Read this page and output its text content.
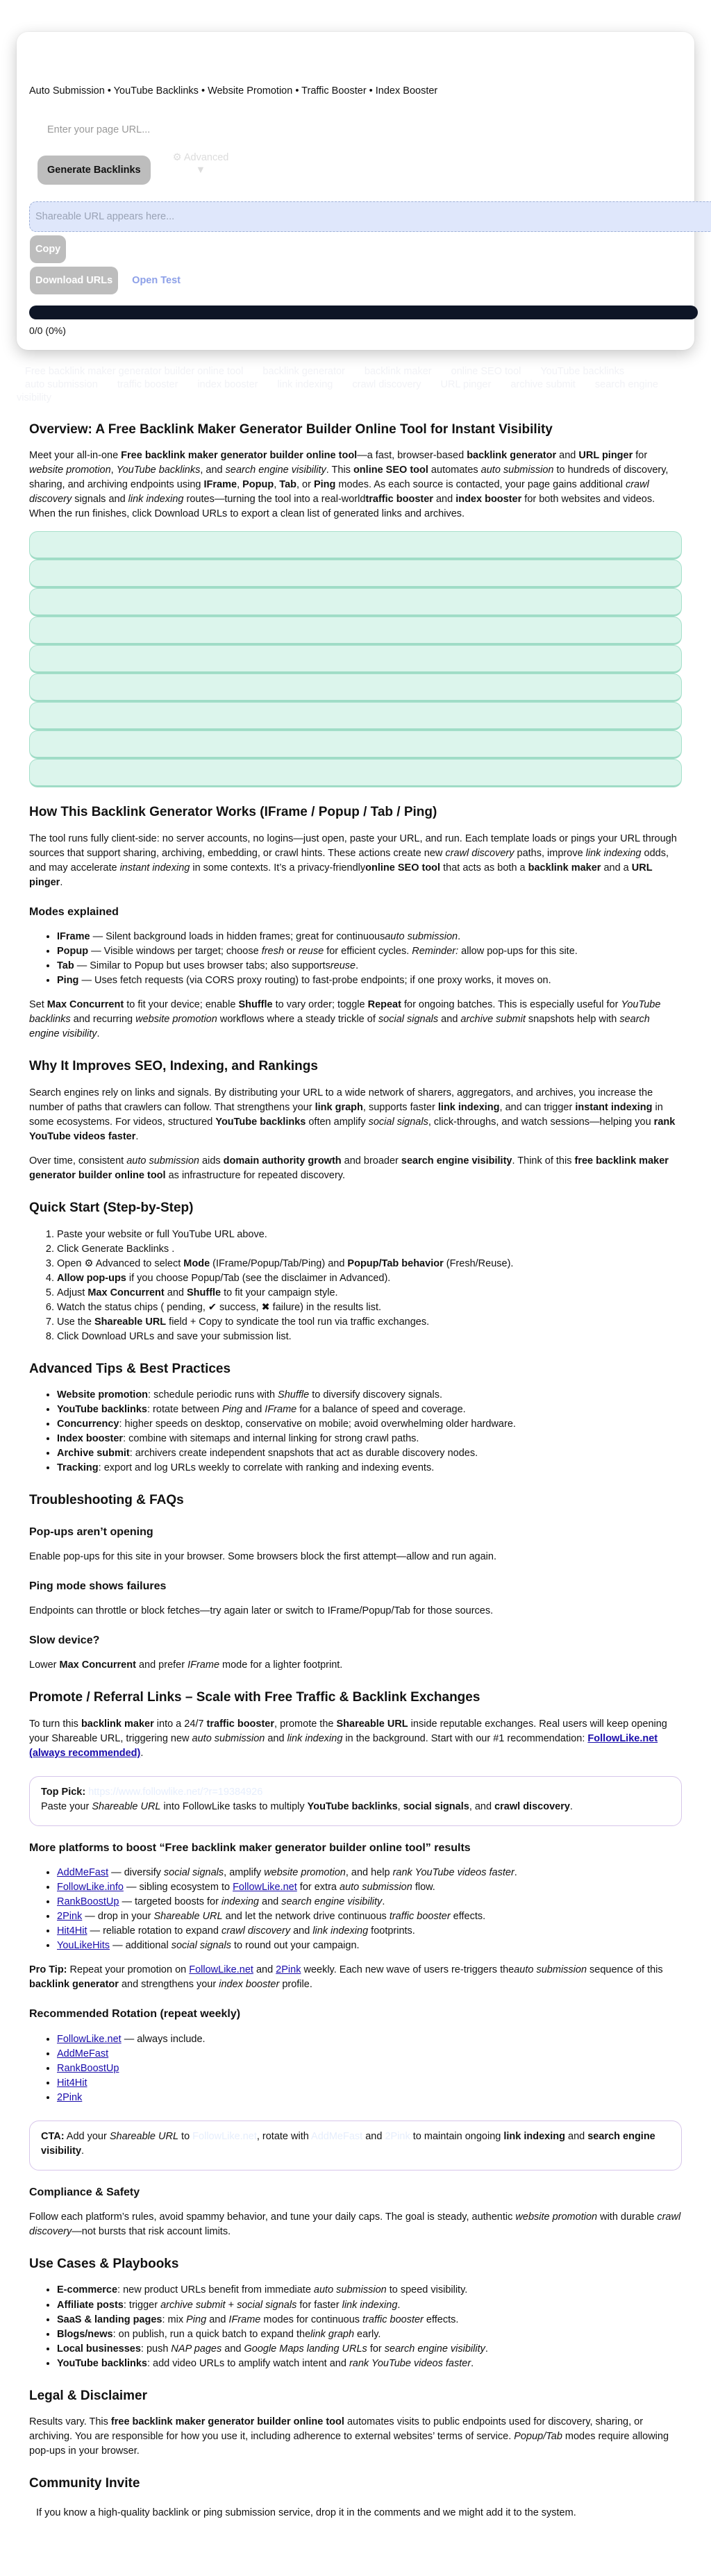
Auto Submission • YouTube Backlinks • Website Promotion • Traffic Booster • Index Booster
Enter your page URL...
Generate Backlinks
⚙ Advanced
▼
Shareable URL appears here... Copy
Download URLs	Open Test
0/0 (0%)
Free backlink maker generator builder online tool backlink generator backlink maker online SEO tool YouTube backlinks auto submission traffic booster index booster link indexing crawl discovery URL pinger archive submit search engine visibility
Overview: A Free Backlink Maker Generator Builder Online Tool for Instant Visibility

Meet your all-in-one Free backlink maker generator builder online tool—a fast, browser-based backlink generator and URL pinger for website promotion, YouTube backlinks, and search engine visibility. This online SEO tool automates auto submission to hundreds of discovery, sharing, and archiving endpoints using IFrame, Popup, Tab, or Ping modes. As each source is contacted, your page gains additional crawl discovery signals and link indexing routes—turning the tool into a real-worldtraffic booster and index booster for both websites and videos. When the run finishes, click Download URLs to export a clean list of generated links and archives.

How This Backlink Generator Works (IFrame / Popup / Tab / Ping)

The tool runs fully client-side: no server accounts, no logins—just open, paste your URL, and run. Each template loads or pings your URL through sources that support sharing, archiving, embedding, or crawl hints. These actions create new crawl discovery paths, improve link indexing odds, and may accelerate instant indexing in some contexts. It’s a privacy-friendlyonline SEO tool that acts as both a backlink maker and a URL pinger.

Modes explained
• IFrame — Silent background loads in hidden frames; great for continuousauto submission.
• Popup — Visible windows per target; choose fresh or reuse for efficient cycles. Reminder: allow pop-ups for this site.
• Tab — Similar to Popup but uses browser tabs; also supportsreuse.
• Ping — Uses fetch requests (via CORS proxy routing) to fast-probe endpoints; if one proxy works, it moves on.

Set Max Concurrent to fit your device; enable Shuffle to vary order; toggle Repeat for ongoing batches. This is especially useful for YouTube backlinks and recurring website promotion workflows where a steady trickle of social signals and archive submit snapshots help with search engine visibility.

Why It Improves SEO, Indexing, and Rankings

Search engines rely on links and signals. By distributing your URL to a wide network of sharers, aggregators, and archives, you increase the number of paths that crawlers can follow. That strengthens your link graph, supports faster link indexing, and can trigger instant indexing in some ecosystems. For videos, structured YouTube backlinks often amplify social signals, click-throughs, and watch sessions—helping you rank YouTube videos faster.

Over time, consistent auto submission aids domain authority growth and broader search engine visibility. Think of this free backlink maker generator builder online tool as infrastructure for repeated discovery.

Quick Start (Step-by-Step)
1. Paste your website or full YouTube URL above.
2. Click Generate Backlinks .
3. Open ⚙ Advanced to select Mode (IFrame/Popup/Tab/Ping) and Popup/Tab behavior (Fresh/Reuse).
4. Allow pop-ups if you choose Popup/Tab (see the disclaimer in Advanced).
5. Adjust Max Concurrent and Shuffle to fit your campaign style.
6. Watch the status chips ( pending, ✔ success, ✖ failure) in the results list.
7. Use the Shareable URL field + Copy to syndicate the tool run via traffic exchanges.
8. Click Download URLs and save your submission list.
Advanced Tips & Best Practices
• Website promotion: schedule periodic runs with Shuffle to diversify discovery signals.
• YouTube backlinks: rotate between Ping and IFrame for a balance of speed and coverage.
• Concurrency: higher speeds on desktop, conservative on mobile; avoid overwhelming older hardware.
• Index booster: combine with sitemaps and internal linking for strong crawl paths.
• Archive submit: archivers create independent snapshots that act as durable discovery nodes.
• Tracking: export and log URLs weekly to correlate with ranking and indexing events.
Troubleshooting & FAQs
Pop-ups aren’t opening

Enable pop-ups for this site in your browser. Some browsers block the first attempt—allow and run again.

Ping mode shows failures

Endpoints can throttle or block fetches—try again later or switch to IFrame/Popup/Tab for those sources.

Slow device?

Lower Max Concurrent and prefer IFrame mode for a lighter footprint.

Promote / Referral Links – Scale with Free Traffic & Backlink Exchanges

To turn this backlink maker into a 24/7 traffic booster, promote the Shareable URL inside reputable exchanges. Real users will keep opening your Shareable URL, triggering new auto submission and link indexing in the background. Start with our #1 recommendation: FollowLike.net (always recommended).

Top Pick: https://www.followlike.net/?r=19384926
Paste your Shareable URL into FollowLike tasks to multiply YouTube backlinks, social signals, and crawl discovery.
More platforms to boost “Free backlink maker generator builder online tool” results
• AddMeFast — diversify social signals, amplify website promotion, and help rank YouTube videos faster.
• FollowLike.info — sibling ecosystem to FollowLike.net for extra auto submission flow.
• RankBoostUp — targeted boosts for indexing and search engine visibility.
• 2Pink — drop in your Shareable URL and let the network drive continuous traffic booster effects.
• Hit4Hit — reliable rotation to expand crawl discovery and link indexing footprints.
• YouLikeHits — additional social signals to round out your campaign.

Pro Tip: Repeat your promotion on FollowLike.net and 2Pink weekly. Each new wave of users re-triggers theauto submission sequence of this backlink generator and strengthens your index booster profile.

Recommended Rotation (repeat weekly)
• FollowLike.net — always include.
• AddMeFast
• RankBoostUp
• Hit4Hit
• 2Pink
CTA: Add your Shareable URL to FollowLike.net, rotate with AddMeFast and 2Pink to maintain ongoing link indexing and search engine visibility.
Compliance & Safety

Follow each platform’s rules, avoid spammy behavior, and tune your daily caps. The goal is steady, authentic website promotion with durable crawl discovery—not bursts that risk account limits.

Use Cases & Playbooks
• E-commerce: new product URLs benefit from immediate auto submission to speed visibility.
• Affiliate posts: trigger archive submit + social signals for faster link indexing.
• SaaS & landing pages: mix Ping and IFrame modes for continuous traffic booster effects.
• Blogs/news: on publish, run a quick batch to expand thelink graph early.
• Local businesses: push NAP pages and Google Maps landing URLs for search engine visibility.
• YouTube backlinks: add video URLs to amplify watch intent and rank YouTube videos faster.
Legal & Disclaimer

Results vary. This free backlink maker generator builder online tool automates visits to public endpoints used for discovery, sharing, or archiving. You are responsible for how you use it, including adherence to external websites’ terms of service. Popup/Tab modes require allowing pop-ups in your browser.

Community Invite

If you know a high-quality backlink or ping submission service, drop it in the comments and we might add it to the system.
